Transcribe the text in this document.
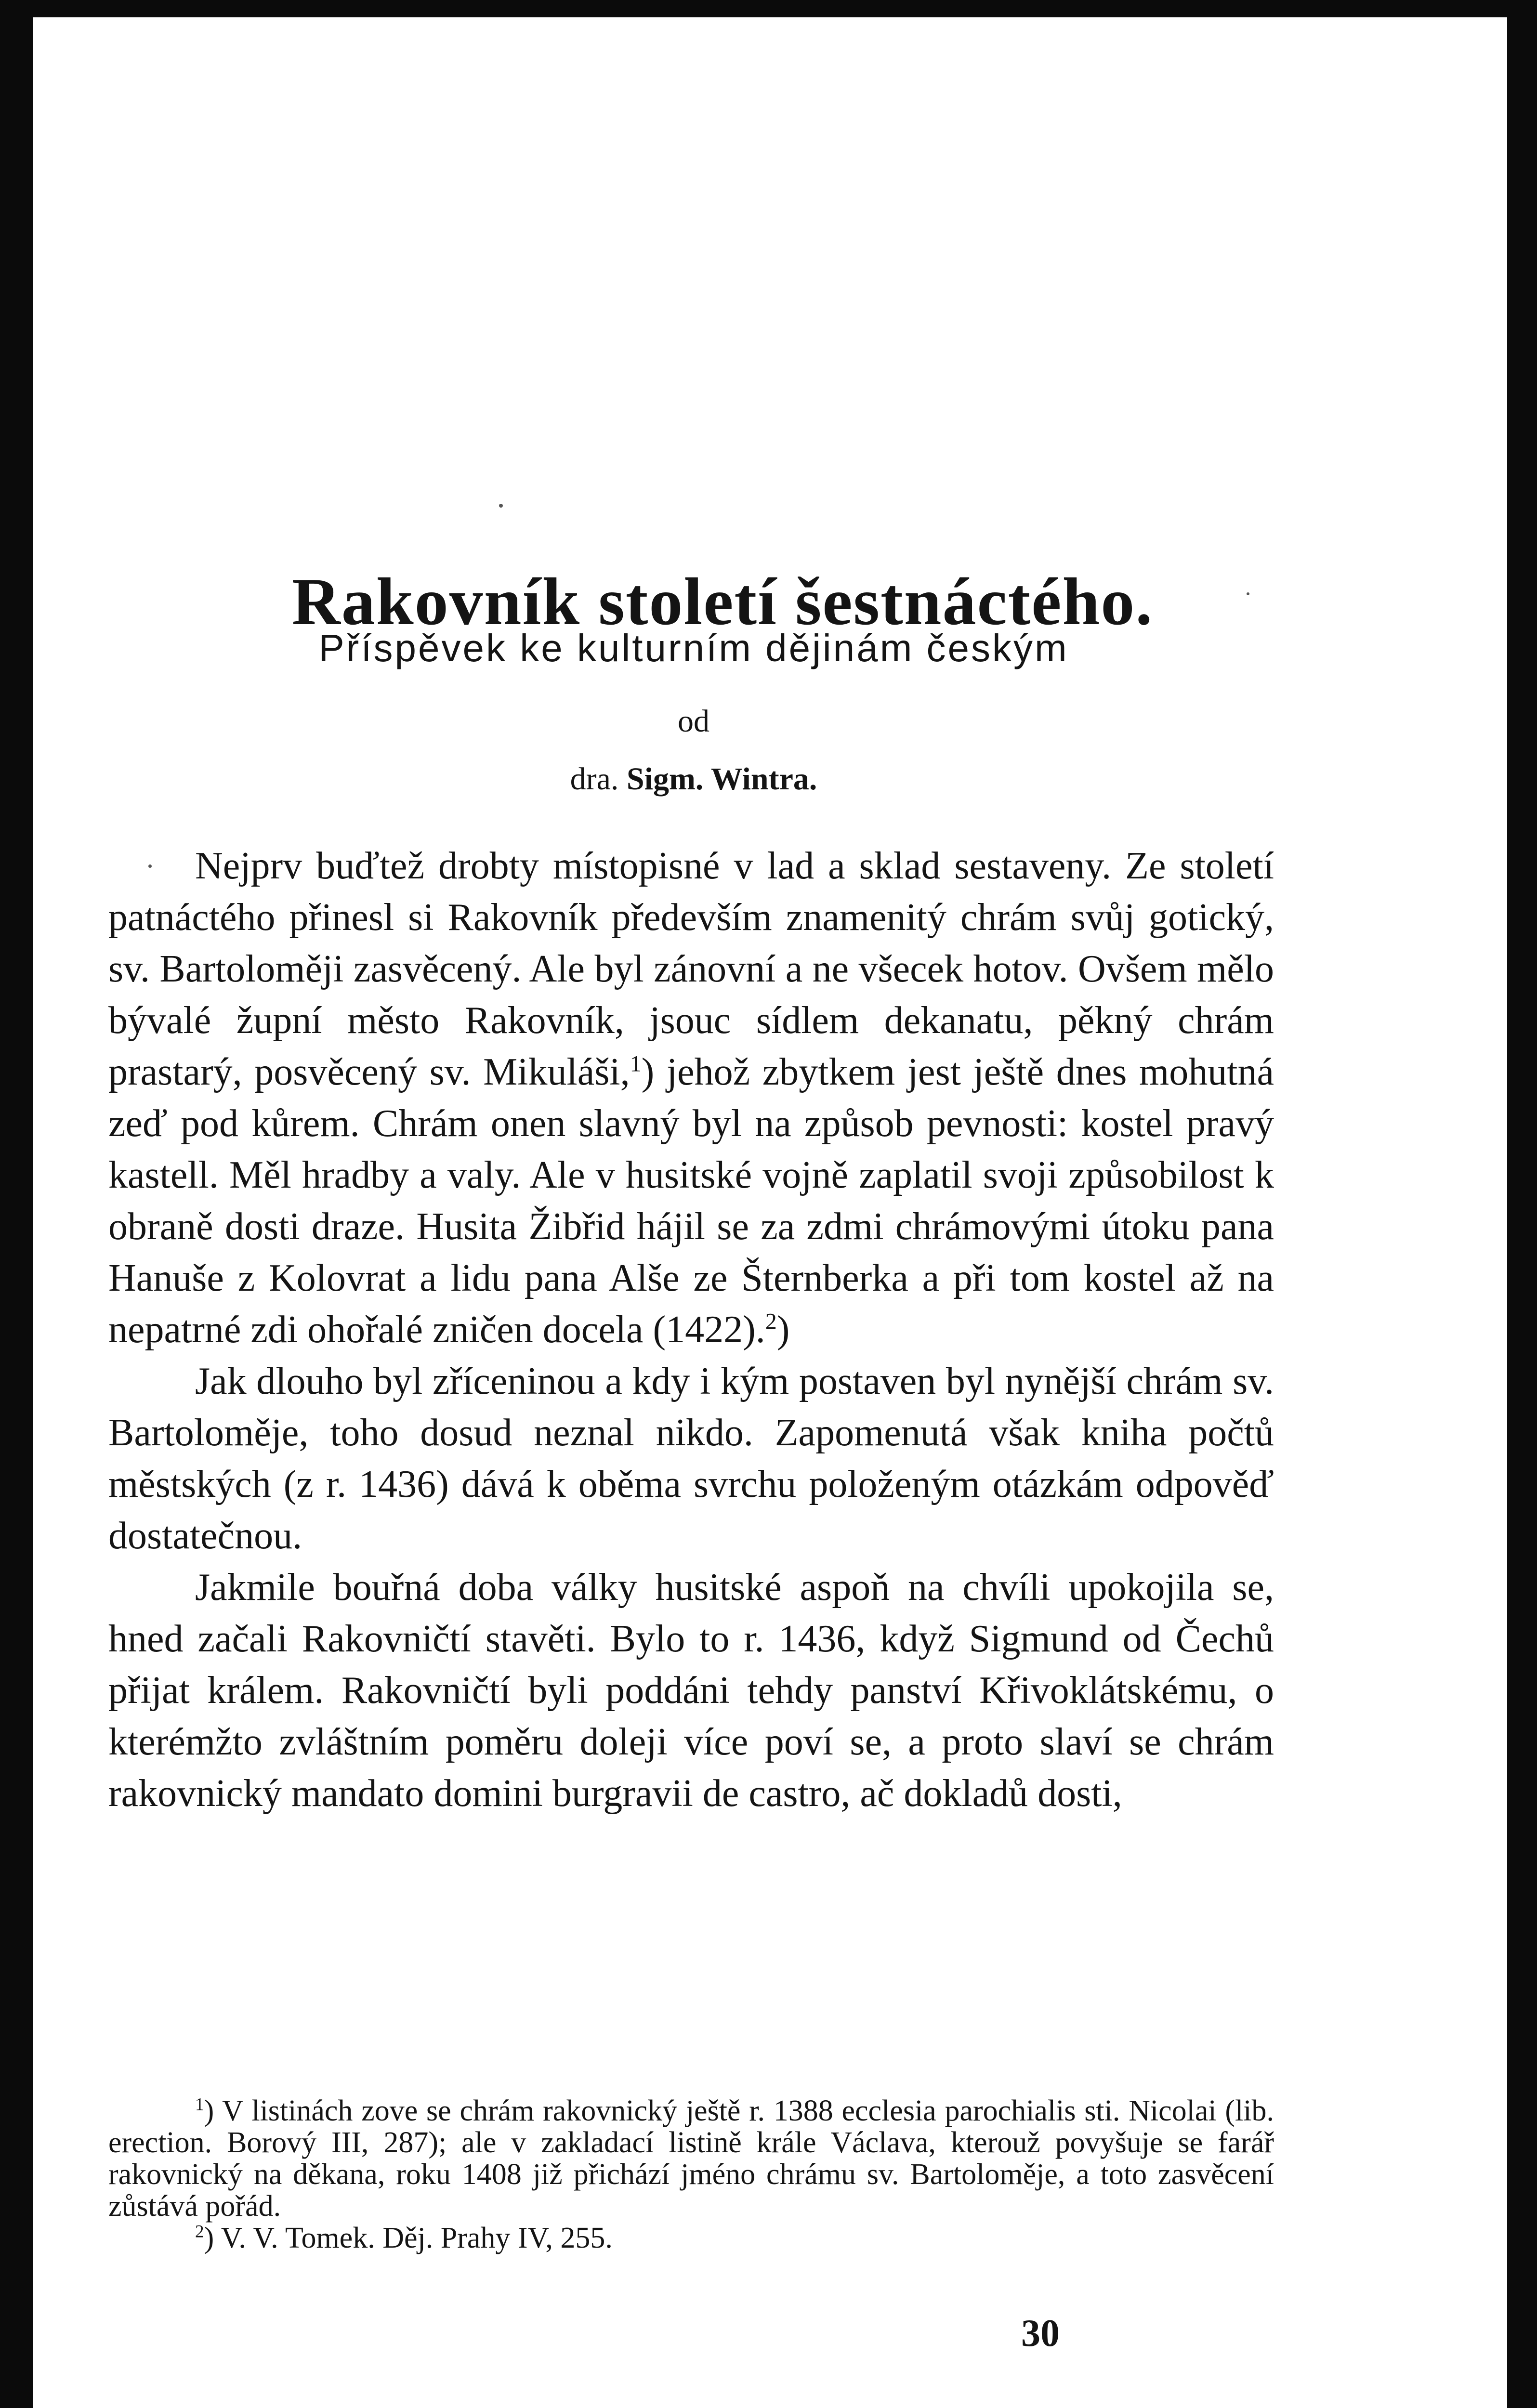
Rakovník století šestnáctého.
Příspěvek ke kulturním dějinám českým
od
dra. Sigm. Wintra.

Nejprv buďtež drobty místopisné v lad a sklad sestaveny. Ze století patnáctého přinesl si Rakovník především znamenitý chrám svůj gotický, sv. Bartoloměji zasvěcený. Ale byl zánovní a ne všecek hotov. Ovšem mělo bývalé župní město Rakovník, jsouc sídlem dekanatu, pěkný chrám prastarý, posvěcený sv. Mikuláši,$^1$) jehož zbytkem jest ještě dnes mohutná zeď pod kůrem. Chrám onen slavný byl na způsob pevnosti: kostel pravý kastell. Měl hradby a valy. Ale v husitské vojně zaplatil svoji způsobilost k obraně dosti draze. Husita Žibřid hájil se za zdmi chrámovými útoku pana Hanuše z Kolovrat a lidu pana Alše ze Šternberka a při tom kostel až na nepatrné zdi ohořalé zničen docela (1422).$^2$)

Jak dlouho byl zříceninou a kdy i kým postaven byl nynější chrám sv. Bartoloměje, toho dosud neznal nikdo. Zapomenutá však kniha počtů městských (z r. 1436) dává k oběma svrchu položeným otázkám odpověď dostatečnou.

Jakmile bouřná doba války husitské aspoň na chvíli upokojila se, hned začali Rakovničtí stavěti. Bylo to r. 1436, když Sigmund od Čechů přijat králem. Rakovničtí byli poddáni tehdy panství Křivoklátskému, o kterémžto zvláštním poměru doleji více poví se, a proto slaví se chrám rakovnický mandato domini burgravii de castro, ač dokladů dosti,

$^1$) V listinách zove se chrám rakovnický ještě r. 1388 ecclesia parochialis sti. Nicolai (lib. erection. Borový III, 287); ale v zakladací listině krále Václava, kterouž povyšuje se farář rakovnický na děkana, roku 1408 již přichází jméno chrámu sv. Bartoloměje, a toto zasvěcení zůstává pořád.

$^2$) V. V. Tomek. Děj. Prahy IV, 255.

30
